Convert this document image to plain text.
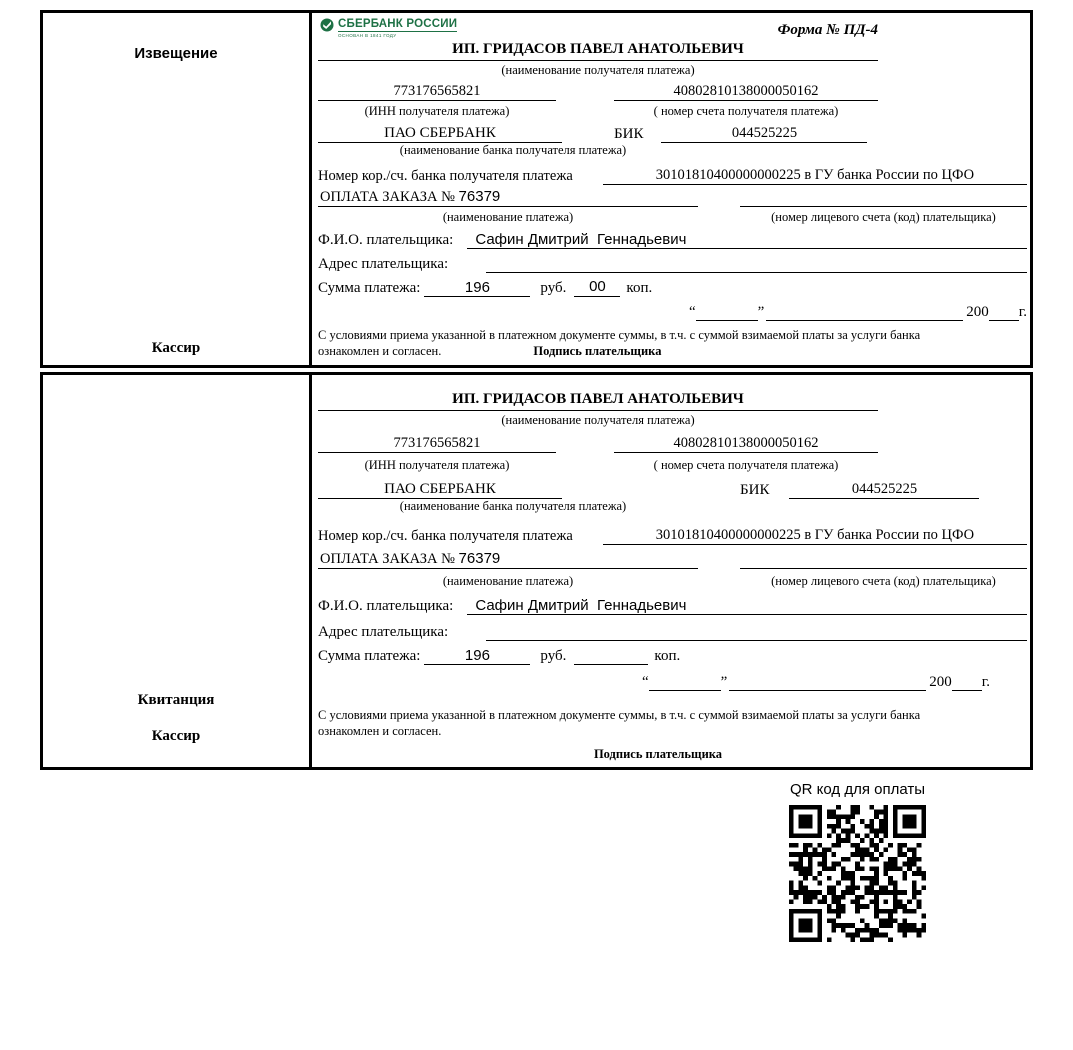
Извещение
Кассир
СБЕРБАНК РОССИИ
ОСНОВАН В 1841 ГОДУ	Форма № ПД-4
ИП. ГРИДАСОВ ПАВЕЛ АНАТОЛЬЕВИЧ
(наименование получателя платежа)
773176565821	40802810138000050162
(ИНН получателя платежа)	( номер счета получателя платежа)
ПАО СБЕРБАНК	БИК	044525225
(наименование банка получателя платежа)
Номер кор./сч. банка получателя платежа	30101810400000000225 в ГУ банка России по ЦФО
ОПЛАТА ЗАКАЗА № 76379
(наименование платежа)	(номер лицевого счета (код) плательщика)
Ф.И.О. плательщика:	Сафин Дмитрий  Геннадьевич
Адрес плательщика:
Сумма платежа:	196	руб.	00	коп.
“	”	200 г.
С условиями приема указанной в платежном документе суммы, в т.ч. с суммой взимаемой платы за услуги банка ознакомлен и согласен.	Подпись плательщика
Квитанция
Кассир
ИП. ГРИДАСОВ ПАВЕЛ АНАТОЛЬЕВИЧ
(наименование получателя платежа)
773176565821	40802810138000050162
(ИНН получателя платежа)	( номер счета получателя платежа)
ПАО СБЕРБАНК	БИК	044525225
(наименование банка получателя платежа)
Номер кор./сч. банка получателя платежа	30101810400000000225 в ГУ банка России по ЦФО
ОПЛАТА ЗАКАЗА № 76379
(наименование платежа)	(номер лицевого счета (код) плательщика)
Ф.И.О. плательщика:	Сафин Дмитрий  Геннадьевич
Адрес плательщика:
Сумма платежа:	196	руб.	коп.
“	”	200 г.
С условиями приема указанной в платежном документе суммы, в т.ч. с суммой взимаемой платы за услуги банка ознакомлен и согласен.
Подпись плательщика
QR код для оплаты
